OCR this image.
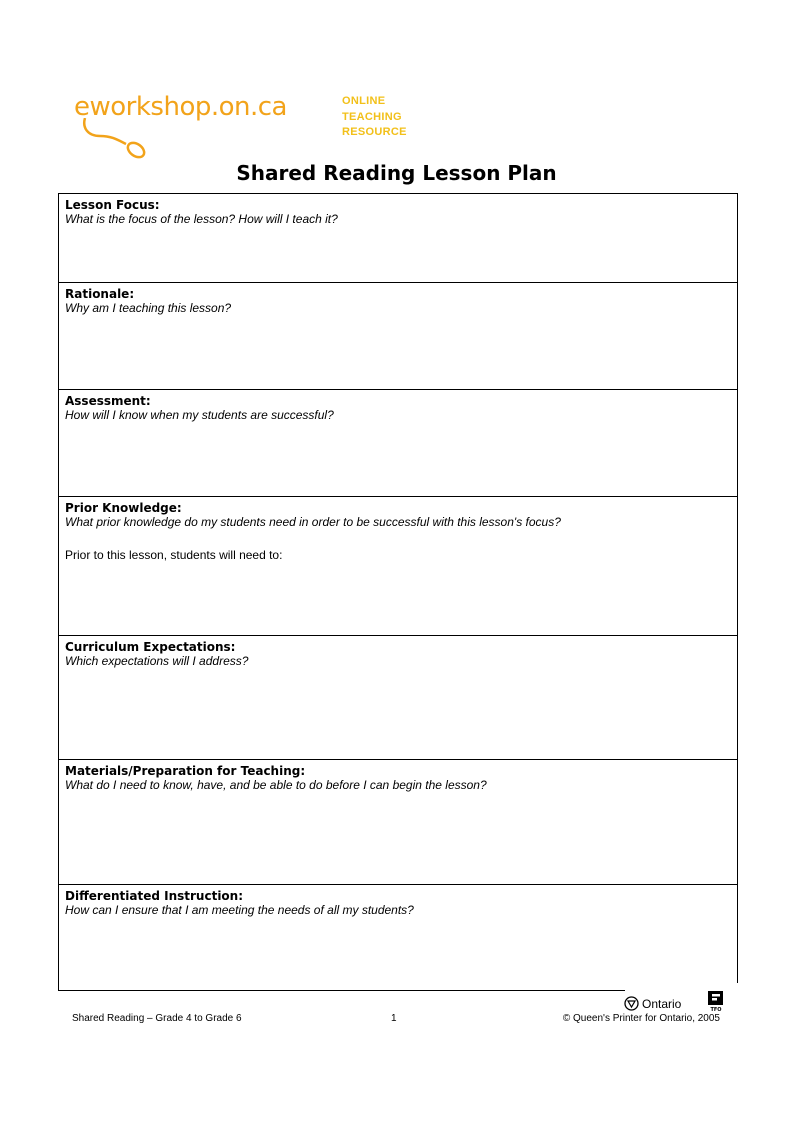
eworkshop.on.ca	ONLINE
TEACHING
RESOURCE
Shared Reading Lesson Plan
Lesson Focus:
What is the focus of the lesson? How will I teach it?
Rationale:
Why am I teaching this lesson?
Assessment:
How will I know when my students are successful?
Prior Knowledge:
What prior knowledge do my students need in order to be successful with this lesson's focus?
Prior to this lesson, students will need to:
Curriculum Expectations:
Which expectations will I address?
Materials/Preparation for Teaching:
What do I need to know, have, and be able to do before I can begin the lesson?
Differentiated Instruction:
How can I ensure that I am meeting the needs of all my students?
Ontario	TFO
Shared Reading – Grade 4 to Grade 6	1	© Queen's Printer for Ontario, 2005
